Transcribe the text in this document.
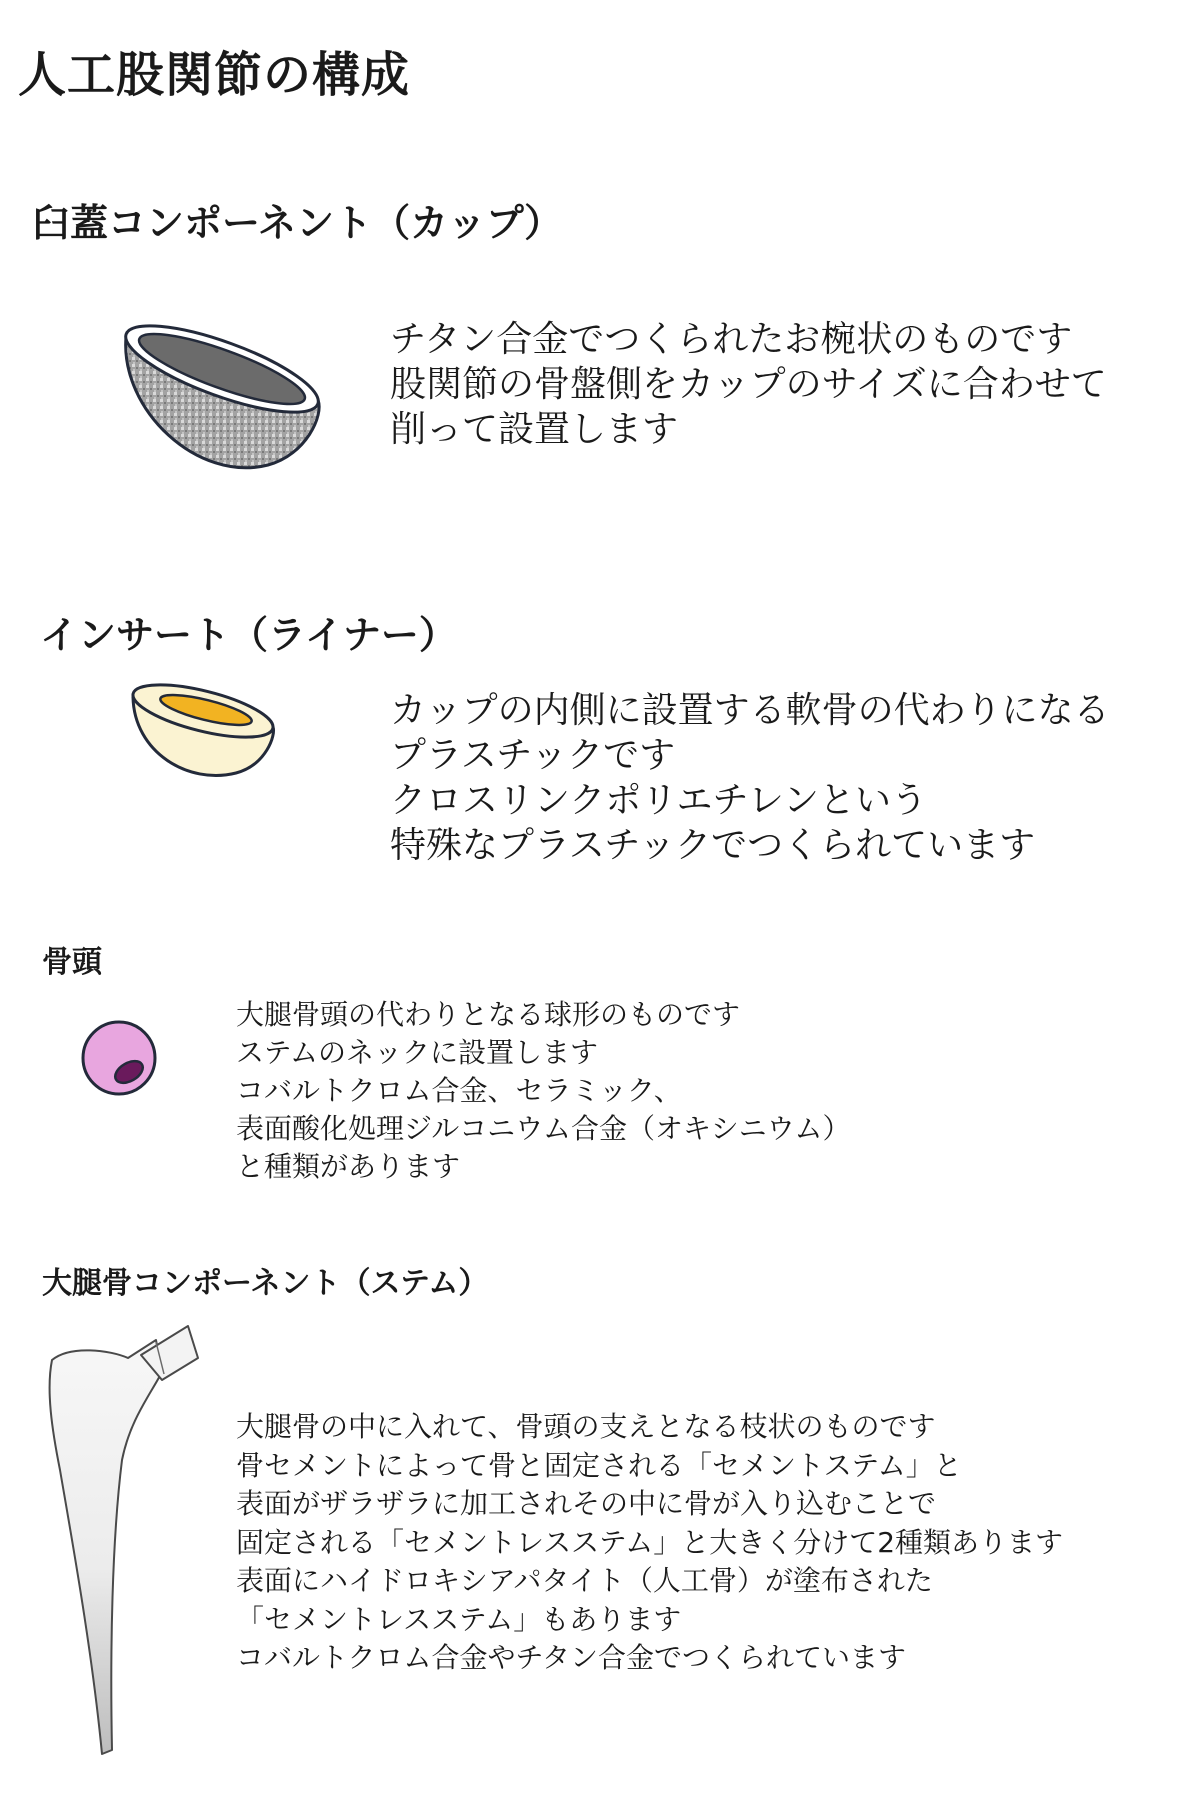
人工股関節の構成
臼蓋コンポーネント（カップ）
チタン合金でつくられたお椀状のものです
股関節の骨盤側をカップのサイズに合わせて
削って設置します
インサート（ライナー）
カップの内側に設置する軟骨の代わりになる
プラスチックです
クロスリンクポリエチレンという
特殊なプラスチックでつくられています
骨頭
大腿骨頭の代わりとなる球形のものです
ステムのネックに設置します
コバルトクロム合金、セラミック、
表面酸化処理ジルコニウム合金（オキシニウム）
と種類があります
大腿骨コンポーネント（ステム）
大腿骨の中に入れて、骨頭の支えとなる枝状のものです
骨セメントによって骨と固定される「セメントステム」と
表面がザラザラに加工されその中に骨が入り込むことで
固定される「セメントレスステム」と大きく分けて2種類あります
表面にハイドロキシアパタイト（人工骨）が塗布された
「セメントレスステム」もあります
コバルトクロム合金やチタン合金でつくられています
